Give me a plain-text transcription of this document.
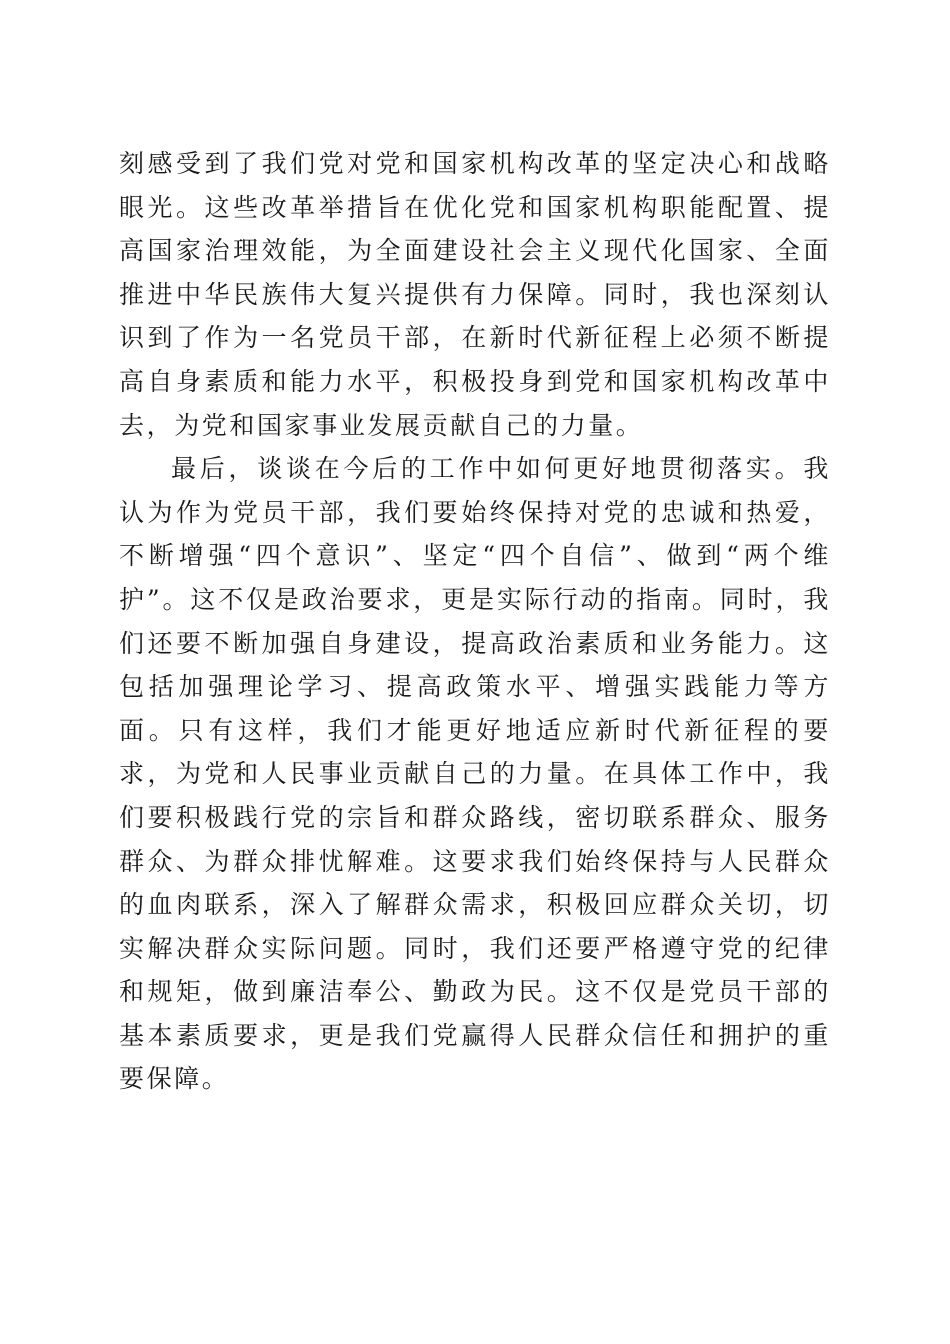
刻感受到了我们党对党和国家机构改革的坚定决心和战略眼光。这些改革举措旨在优化党和国家机构职能配置、提高国家治理效能，为全面建设社会主义现代化国家、全面推进中华民族伟大复兴提供有力保障。同时，我也深刻认识到了作为一名党员干部，在新时代新征程上必须不断提高自身素质和能力水平，积极投身到党和国家机构改革中去，为党和国家事业发展贡献自己的力量。

最后，谈谈在今后的工作中如何更好地贯彻落实。我认为作为党员干部，我们要始终保持对党的忠诚和热爱，不断增强“四个意识”、坚定“四个自信”、做到“两个维护”。这不仅是政治要求，更是实际行动的指南。同时，我们还要不断加强自身建设，提高政治素质和业务能力。这包括加强理论学习、提高政策水平、增强实践能力等方面。只有这样，我们才能更好地适应新时代新征程的要求，为党和人民事业贡献自己的力量。在具体工作中，我们要积极践行党的宗旨和群众路线，密切联系群众、服务群众、为群众排忧解难。这要求我们始终保持与人民群众的血肉联系，深入了解群众需求，积极回应群众关切，切实解决群众实际问题。同时，我们还要严格遵守党的纪律和规矩，做到廉洁奉公、勤政为民。这不仅是党员干部的基本素质要求，更是我们党赢得人民群众信任和拥护的重要保障。
